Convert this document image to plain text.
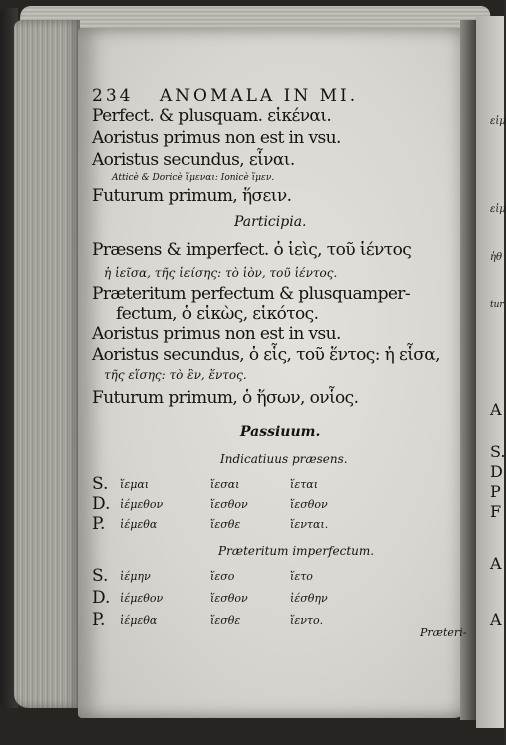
εἱμ
εἰμ
ἡθ
tur
A
S.
D
P
F
A
A
234 ANOMALA IN MI.
Perfect. & plusquam. εἱκέναι.
Aoristus primus non est in vsu.
Aoristus secundus, εἷναι.
Atticè & Doricè ἵμεναι: Ionicè ἵμεν.
Futurum primum, ἥσειν.
Participia.
Præsens & imperfect. ὁ ἱεὶς, τοῦ ἱέντος
ἡ ἱεῖσα, τῆς ἱείσης: τὸ ἱὸν, τοῦ ἱέντος.
Præteritum perfectum & plusquamper-
fectum, ὁ εἱκὼς, εἱκότος.
Aoristus primus non est in vsu.
Aoristus secundus, ὁ εἷς, τοῦ ἕντος: ἡ εἷσα,
τῆς εἵσης: τὸ ἓν, ἕντος.
Futurum primum, ὁ ἥσων, ονἷος.
Passiuum.
Indicatiuus præsens.
S. ἵεμαι	ἵεσαι	ἵεται
D. ἱέμεθον	ἵεσθον	ἵεσθον
P. ἱέμεθα	ἵεσθε	ἵενται.
Præteritum imperfectum.
S. ἱέμην	ἵεσο	ἵετο
D. ἱέμεθον	ἵεσθον	ἱέσθην
P. ἱέμεθα	ἵεσθε	ἵεντο.
Præteri-
